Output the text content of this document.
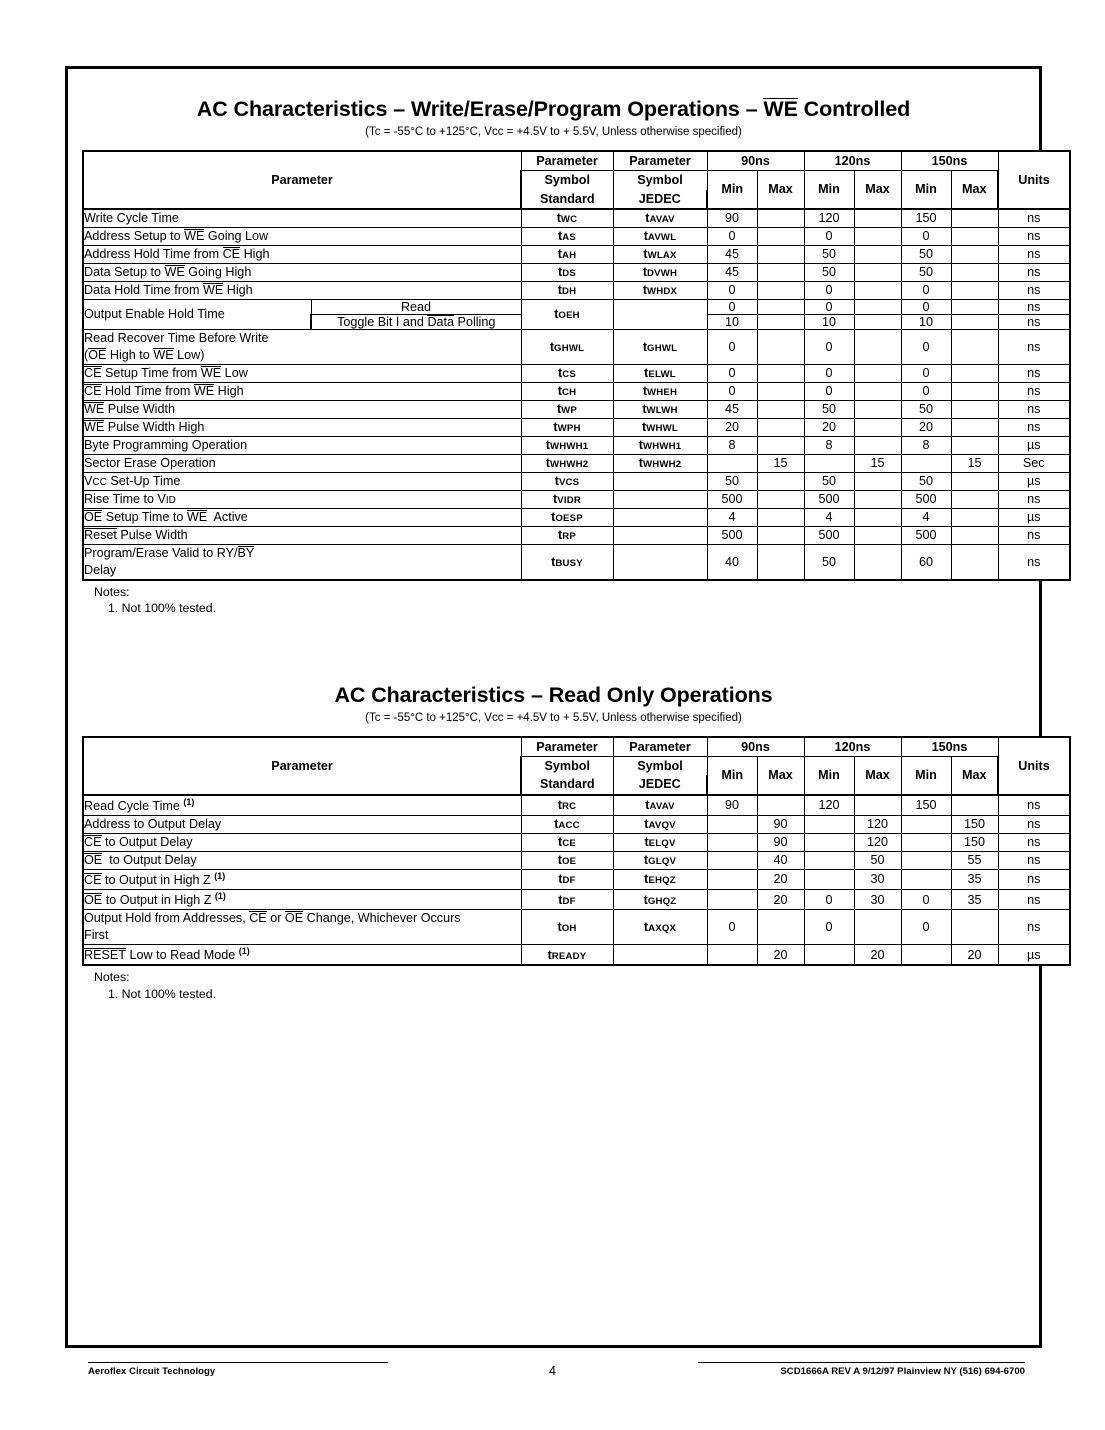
AC Characteristics – Write/Erase/Program Operations – WE Controlled
(Tc = -55°C to +125°C, Vcc = +4.5V to + 5.5V, Unless otherwise specified)
Parameter		Parameter	Parameter	90ns		120ns		150ns		Units
		Symbol	Symbol	Min	Max	Min	Max	Min	Max	
		Standard	JEDEC							
Write Cycle Time		tWC	tAVAV	90		120		150		ns
Address Setup to WE Going Low		tAS	tAVWL	0		0		0		ns
Address Hold Time from CE High		tAH	tWLAX	45		50		50		ns
Data Setup to WE Going High		tDS	tDVWH	45		50		50		ns
Data Hold Time from WE High		tDH	tWHDX	0		0		0		ns
Output Enable Hold Time	Read	tOEH		0		0		0		ns
	Toggle Bit I and Data Polling			10		10		10		ns
Read Recover Time Before Write
(OE High to WE Low)		tGHWL	tGHWL	0		0		0		ns
CE Setup Time from WE Low		tCS	tELWL	0		0		0		ns
CE Hold Time from WE High		tCH	tWHEH	0		0		0		ns
WE Pulse Width		tWP	tWLWH	45		50		50		ns
WE Pulse Width High		tWPH	tWHWL	20		20		20		ns
Byte Programming Operation		tWHWH1	tWHWH1	8		8		8		µs
Sector Erase Operation		tWHWH2	tWHWH2		15		15		15	Sec
VCC Set-Up Time		tVCS		50		50		50		µs
Rise Time to VID		tVIDR		500		500		500		ns
OE Setup Time to WE  Active		tOESP		4		4		4		µs
Reset Pulse Width		tRP		500		500		500		ns
Program/Erase Valid to RY/BY
Delay		tBUSY		40		50		60		ns
Notes:
1. Not 100% tested.
AC Characteristics – Read Only Operations
(Tc = -55°C to +125°C, Vcc = +4.5V to + 5.5V, Unless otherwise specified)
Parameter	Parameter	Parameter	90ns		120ns		150ns		Units
	Symbol	Symbol	Min	Max	Min	Max	Min	Max	
	Standard	JEDEC							
Read Cycle Time $^{(1)}$	tRC	tAVAV	90		120		150		ns
Address to Output Delay	tACC	tAVQV		90		120		150	ns
CE to Output Delay	tCE	tELQV		90		120		150	ns
OE  to Output Delay	tOE	tGLQV		40		50		55	ns
CE to Output in High Z $^{(1)}$	tDF	tEHQZ		20		30		35	ns
OE to Output in High Z $^{(1)}$	tDF	tGHQZ		20	0	30	0	35	ns
Output Hold from Addresses, CE or OE Change, Whichever Occurs
First	tOH	tAXQX	0		0		0		ns
RESET Low to Read Mode $^{(1)}$	tREADY			20		20		20	µs
Notes:
1. Not 100% tested.
Aeroflex Circuit Technology	4	SCD1666A REV A 9/12/97 Plainview NY (516) 694-6700
